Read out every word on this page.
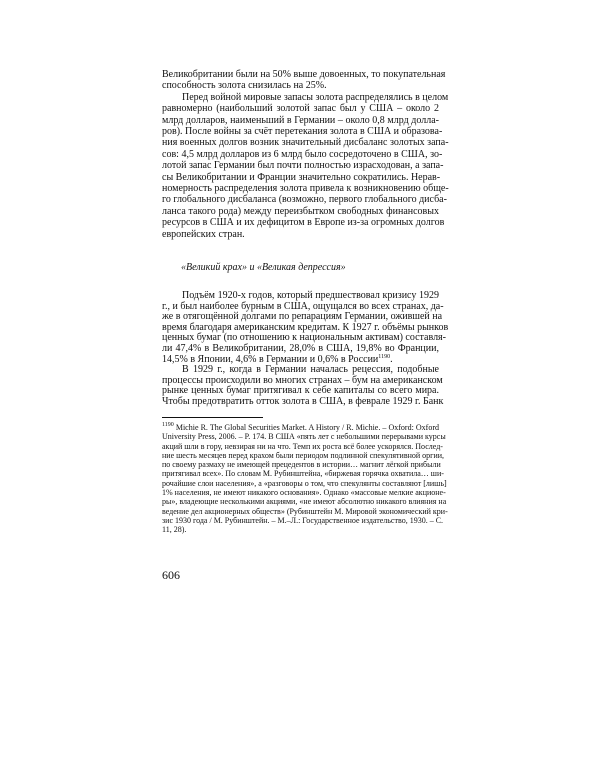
Великобритании были на 50% выше довоенных, то покупательная
способность золота снизилась на 25%.
Перед войной мировые запасы золота распределялись в целом
равномерно (наибольший золотой запас был у США – около 2
млрд долларов, наименьший в Германии – около 0,8 млрд долла-
ров). После войны за счёт перетекания золота в США и образова-
ния военных долгов возник значительный дисбаланс золотых запа-
сов: 4,5 млрд долларов из 6 млрд было сосредоточено в США, зо-
лотой запас Германии был почти полностью израсходован, а запа-
сы Великобритании и Франции значительно сократились. Нерав-
номерность распределения золота привела к возникновению обще-
го глобального дисбаланса (возможно, первого глобального дисба-
ланса такого рода) между переизбытком свободных финансовых
ресурсов в США и их дефицитом в Европе из-за огромных долгов
европейских стран.
«Великий крах» и «Великая депрессия»
Подъём 1920-х годов, который предшествовал кризису 1929
г., и был наиболее бурным в США, ощущался во всех странах, да-
же в отягощённой долгами по репарациям Германии, ожившей на
время благодаря американским кредитам. К 1927 г. объёмы рынков
ценных бумаг (по отношению к национальным активам) составля-
ли 47,4% в Великобритании, 28,0% в США, 19,8% во Франции,
14,5% в Японии, 4,6% в Германии и 0,6% в России$^{1190}$.
В 1929 г., когда в Германии началась рецессия, подобные
процессы происходили во многих странах – бум на американском
рынке ценных бумаг притягивал к себе капиталы со всего мира.
Чтобы предотвратить отток золота в США, в феврале 1929 г. Банк
$^{1190}$ Michie R. The Global Securities Market. A History / R. Michie. – Oxford: Oxford
University Press, 2006. – P. 174. В США «пять лет с небольшими перерывами курсы
акций шли в гору, невзирая ни на что. Темп их роста всё более ускорялся. Послед-
ние шесть месяцев перед крахом были периодом подлинной спекулятивной оргии,
по своему размаху не имеющей прецедентов в истории… магнит лёгкой прибыли
притягивал всех». По словам М. Рубинштейна, «биржевая горячка охватила… ши-
рочайшие слои населения», а «разговоры о том, что спекулянты составляют [лишь]
1% населения, не имеют никакого основания». Однако «массовые мелкие акционе-
ры», владеющие несколькими акциями, «не имеют абсолютно никакого влияния на
ведение дел акционерных обществ» (Рубинштейн М. Мировой экономический кри-
зис 1930 года / М. Рубинштейн. – М.–Л.: Государственное издательство, 1930. – С.
11, 28).
606
